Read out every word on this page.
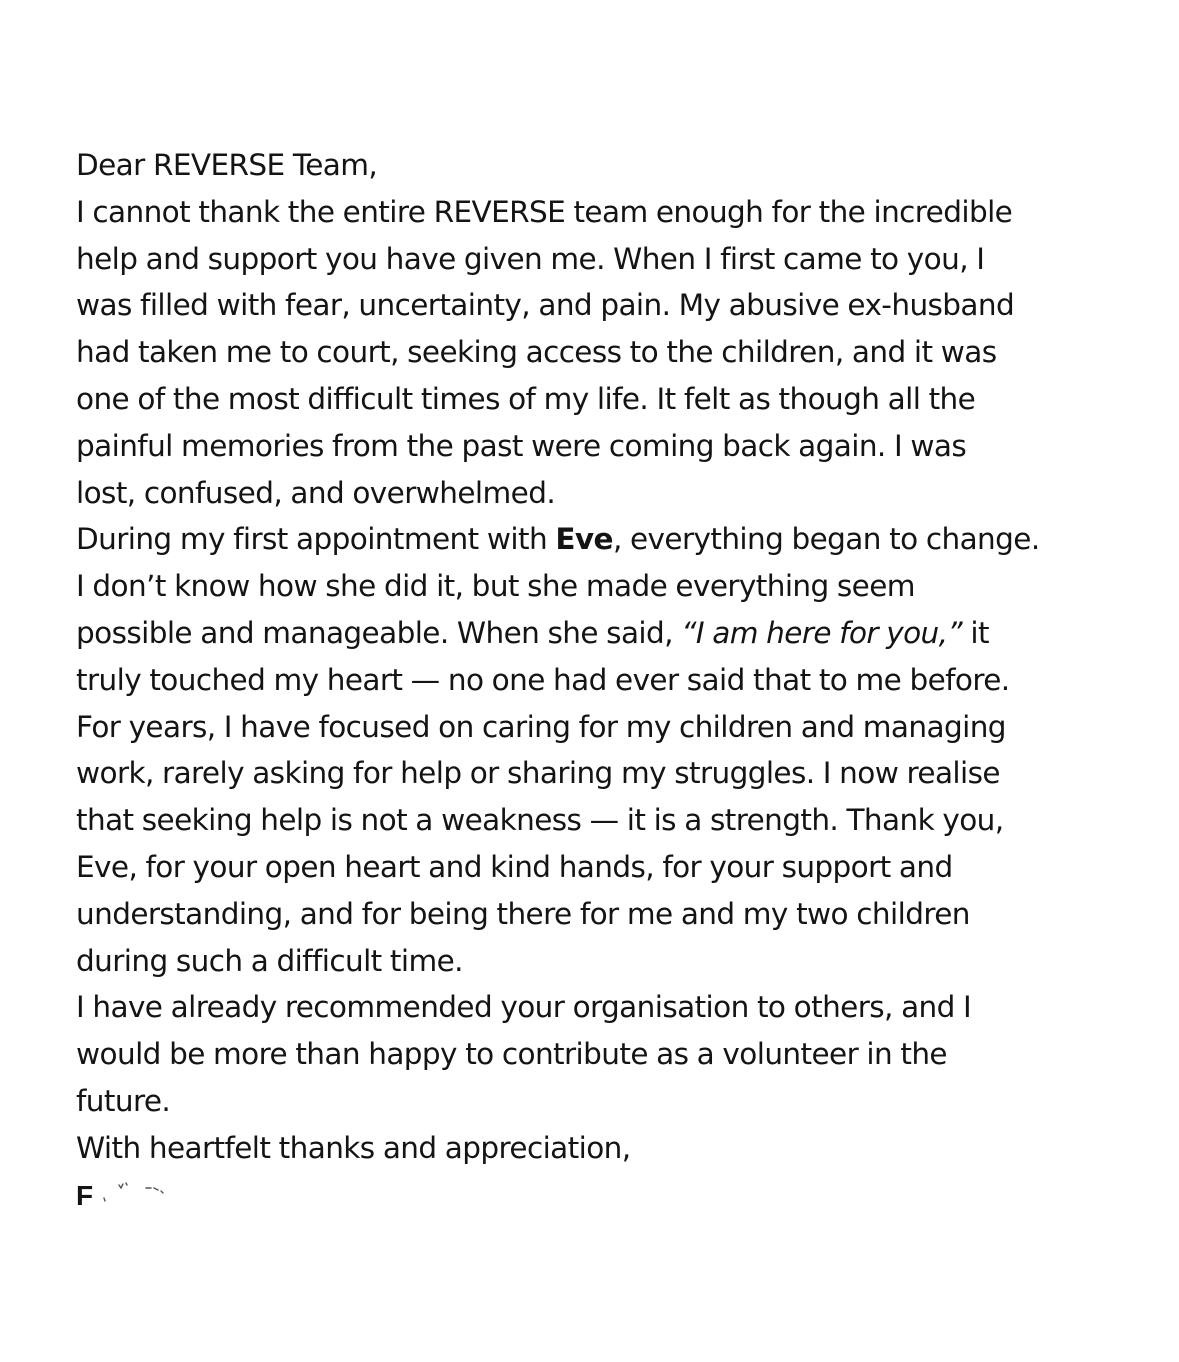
Dear REVERSE Team,
I cannot thank the entire REVERSE team enough for the incredible
help and support you have given me. When I first came to you, I
was filled with fear, uncertainty, and pain. My abusive ex-husband
had taken me to court, seeking access to the children, and it was
one of the most difficult times of my life. It felt as though all the
painful memories from the past were coming back again. I was
lost, confused, and overwhelmed.
During my first appointment with Eve, everything began to change.
I don’t know how she did it, but she made everything seem
possible and manageable. When she said, “I am here for you,” it
truly touched my heart — no one had ever said that to me before.
For years, I have focused on caring for my children and managing
work, rarely asking for help or sharing my struggles. I now realise
that seeking help is not a weakness — it is a strength. Thank you,
Eve, for your open heart and kind hands, for your support and
understanding, and for being there for me and my two children
during such a difficult time.
I have already recommended your organisation to others, and I
would be more than happy to contribute as a volunteer in the
future.
With heartfelt thanks and appreciation,
F
